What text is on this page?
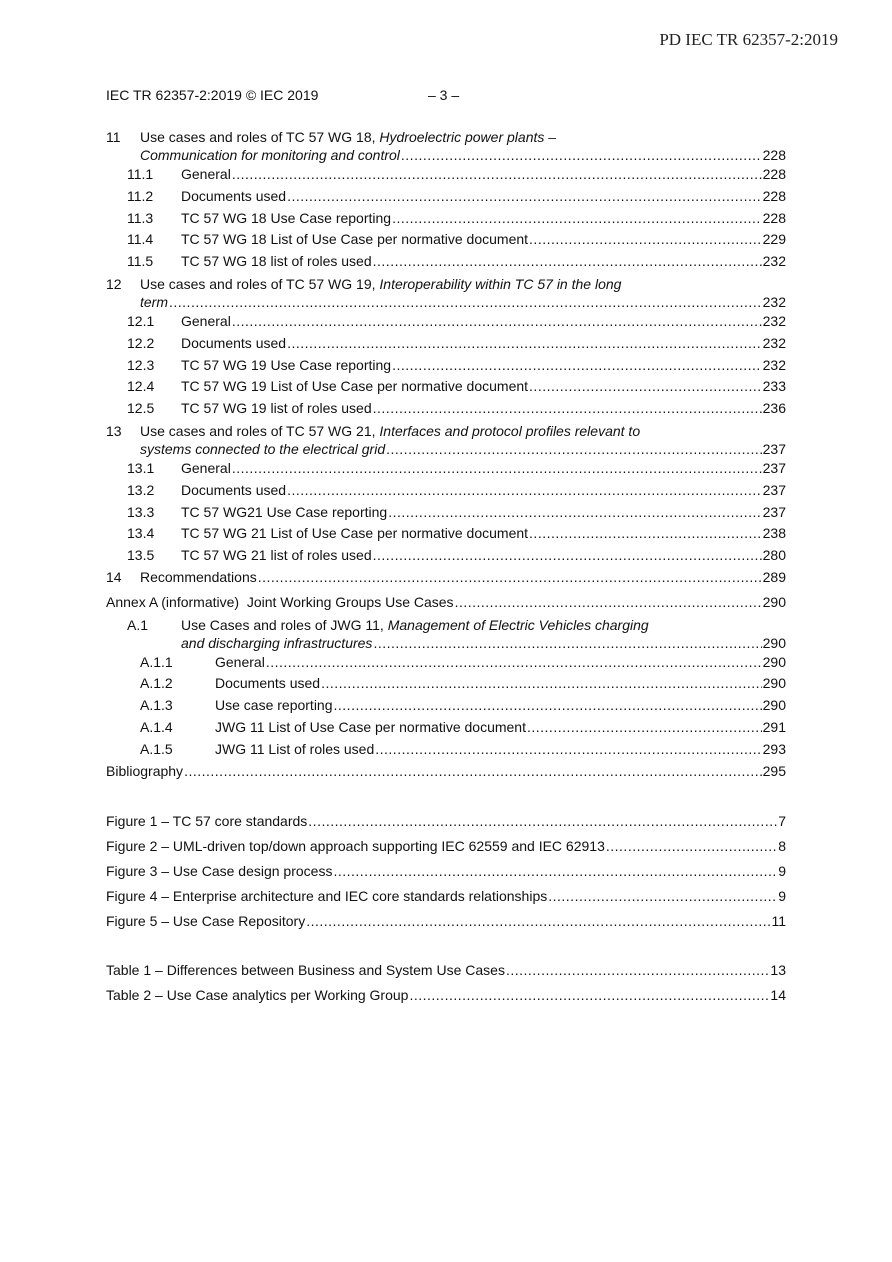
PD IEC TR 62357-2:2019
IEC TR 62357-2:2019 © IEC 2019	– 3 –
11	Use cases and roles of TC 57 WG 18, Hydroelectric power plants –
Communication for monitoring and control .....	228
11.1	General .....	228
11.2	Documents used .....	228
11.3	TC 57 WG 18 Use Case reporting .....	228
11.4	TC 57 WG 18 List of Use Case per normative document .....	229
11.5	TC 57 WG 18 list of roles used .....	232
12	Use cases and roles of TC 57 WG 19, Interoperability within TC 57 in the long
term .....	232
12.1	General .....	232
12.2	Documents used .....	232
12.3	TC 57 WG 19 Use Case reporting .....	232
12.4	TC 57 WG 19 List of Use Case per normative document .....	233
12.5	TC 57 WG 19 list of roles used .....	236
13	Use cases and roles of TC 57 WG 21, Interfaces and protocol profiles relevant to
systems connected to the electrical grid .....	237
13.1	General .....	237
13.2	Documents used .....	237
13.3	TC 57 WG21 Use Case reporting .....	237
13.4	TC 57 WG 21 List of Use Case per normative document .....	238
13.5	TC 57 WG 21 list of roles used .....	280
14	Recommendations .....	289
Annex A (informative)  Joint Working Groups Use Cases .....	290
A.1	Use Cases and roles of JWG 11, Management of Electric Vehicles charging
and discharging infrastructures .....	290
A.1.1	General .....	290
A.1.2	Documents used .....	290
A.1.3	Use case reporting .....	290
A.1.4	JWG 11 List of Use Case per normative document .....	291
A.1.5	JWG 11 List of roles used .....	293
Bibliography .....	295
Figure 1 – TC 57 core standards .....	7
Figure 2 – UML-driven top/down approach supporting IEC 62559 and IEC 62913 .....	8
Figure 3 – Use Case design process .....	9
Figure 4 – Enterprise architecture and IEC core standards relationships .....	9
Figure 5 – Use Case Repository .....	11
Table 1 – Differences between Business and System Use Cases .....	13
Table 2 – Use Case analytics per Working Group .....	14
